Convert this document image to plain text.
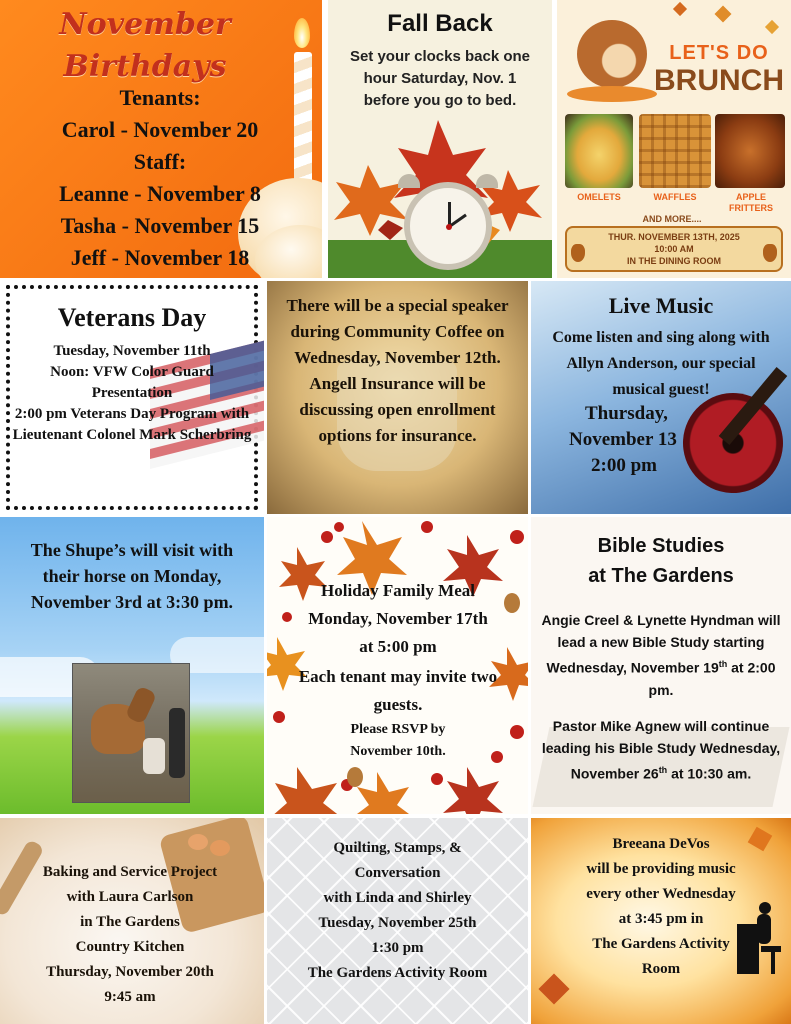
November
Birthdays
Tenants:
Carol - November 20
Staff:
Leanne - November 8
Tasha - November 15
Jeff - November 18
Fall Back
Set your clocks back one hour Saturday, Nov. 1 before you go to bed.
LET'S DO
BRUNCH
OMELETS	WAFFLES	APPLE FRITTERS
AND MORE....
THUR. NOVEMBER 13TH, 2025
10:00 AM
IN THE DINING ROOM
Veterans Day
Tuesday, November 11th
Noon: VFW Color Guard Presentation
2:00 pm Veterans Day Program with Lieutenant Colonel Mark Scherbring
There will be a special speaker during Community Coffee on Wednesday, November 12th.
Angell Insurance will be discussing open enrollment options for insurance.
Live Music
Come listen and sing along with Allyn Anderson, our special musical guest!
Thursday,
November 13
2:00 pm
The Shupe’s will visit with their horse on Monday, November 3rd at 3:30 pm.
Holiday Family Meal
Monday, November 17th
at 5:00 pm
Each tenant may invite two guests.
Please RSVP by November 10th.
Bible Studies
at The Gardens
Angie Creel & Lynette Hyndman will lead a new Bible Study starting Wednesday, November 19th at 2:00 pm.
Pastor Mike Agnew will continue leading his Bible Study Wednesday, November 26th at 10:30 am.
Baking and Service Project
with Laura Carlson
in The Gardens
Country Kitchen
Thursday, November 20th
9:45 am
Quilting, Stamps, &
Conversation
with Linda and Shirley
Tuesday, November 25th
1:30 pm
The Gardens Activity Room
Breeana DeVos
will be providing music
every other Wednesday
at 3:45 pm in
The Gardens Activity
Room
